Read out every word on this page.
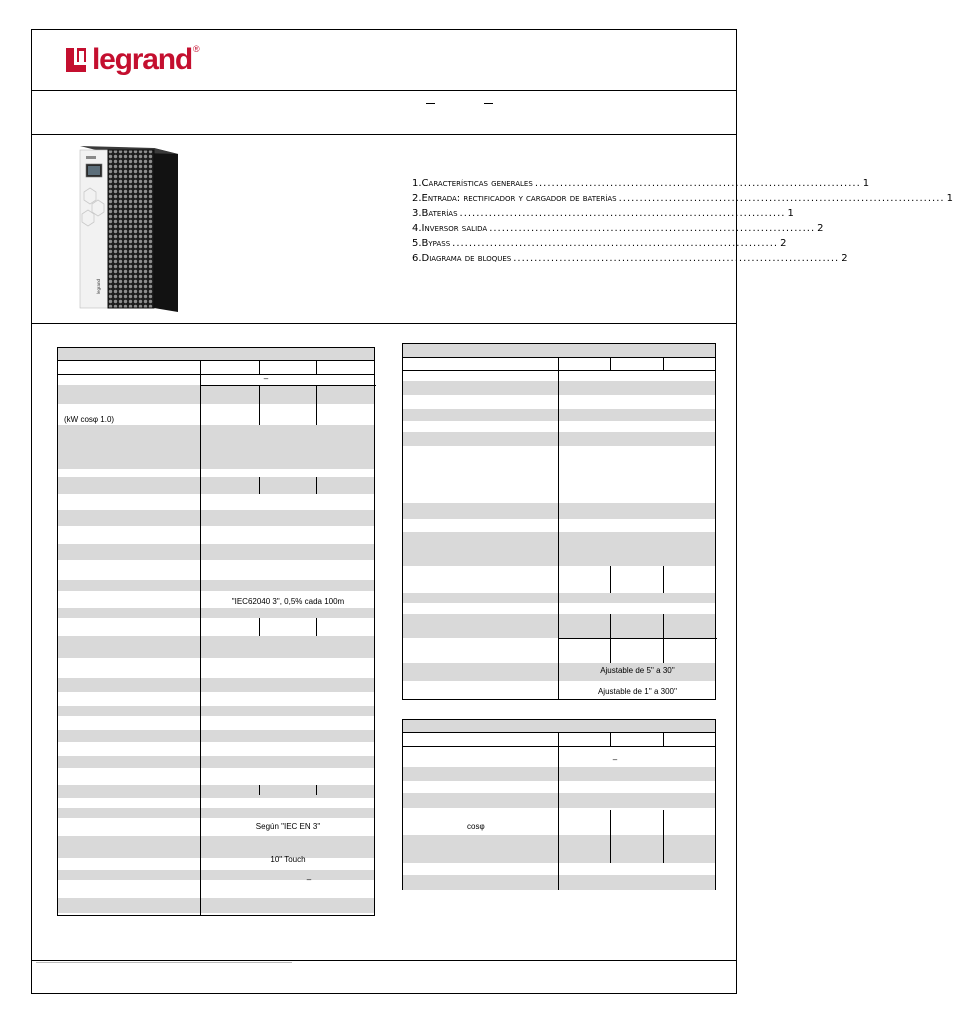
legrand ®
legrand
1. Características generales .............................................................................. 1
2. Entrada: rectificador y cargador de baterías .............................................................................. 1
3. Baterías .............................................................................. 1
4. Inversor salida .............................................................................. 2
5. Bypass .............................................................................. 2
6. Diagrama de bloques .............................................................................. 2
–
(kW cosφ 1.0)
"IEC62040 3", 0,5% cada 100m
Según "IEC EN 3"
10" Touch
–
Ajustable de 5'' a 30''
Ajustable de 1'' a 300''
–
cosφ
